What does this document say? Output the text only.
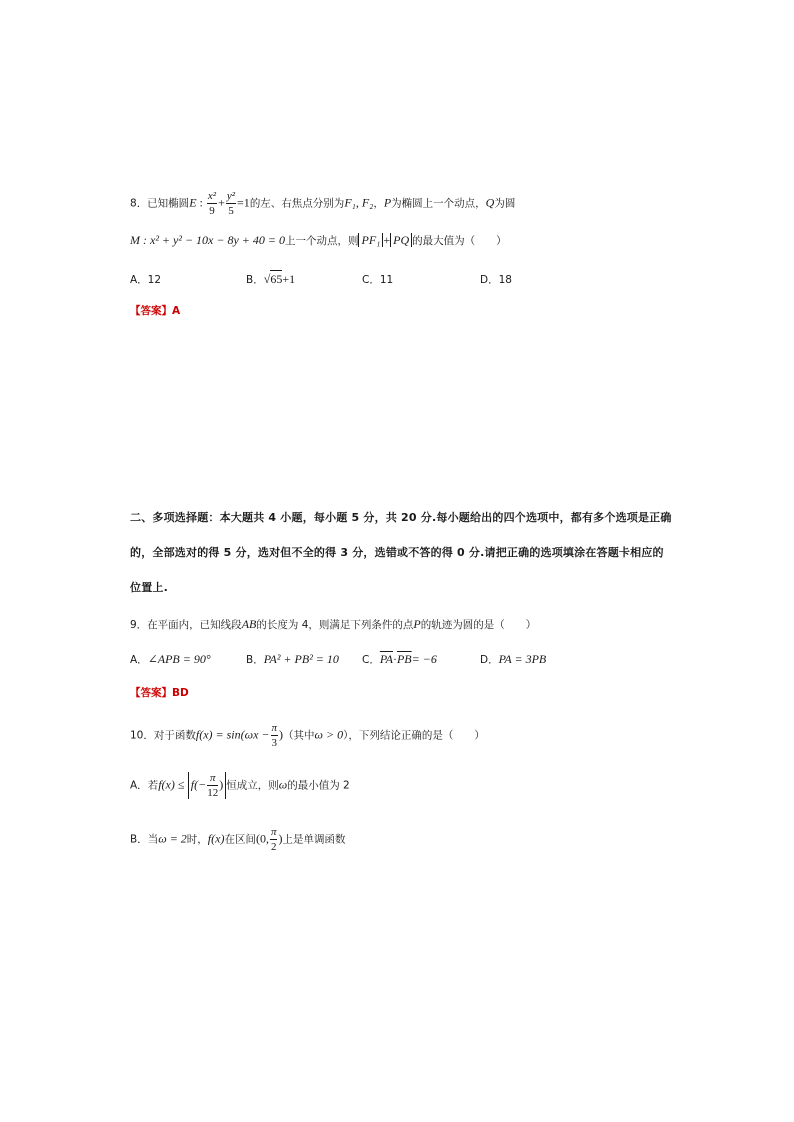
8．已知椭圆E : $\frac{\text{x²}}{9} + \frac{\text{y²}}{5} =1$的左、右焦点分别为F₁, F₂，P为椭圆上一个动点，Q为圆
M : x² + y² − 10x − 8y + 40 = 0上一个动点，则 PF₁ + PQ 的最大值为（　　）
A．12	B．√65+1	C．11	D．18
【答案】A
二、多项选择题：本大题共 4 小题，每小题 5 分，共 20 分.每小题给出的四个选项中，都有多个选项是正确
的，全部选对的得 5 分，选对但不全的得 3 分，选错或不答的得 0 分.请把正确的选项填涂在答题卡相应的
位置上.
9．在平面内，已知线段AB的长度为 4，则满足下列条件的点P的轨迹为圆的是（　　）
A．∠APB = 90°	B．PA² + PB² = 10 C．$\overline{PA}\cdot\overline{PB}= -6$	D．PA = 3PB
【答案】BD
10．对于函数$f(x) = \sin(\omega x - \frac{\pi}{3}$ )（其中ω > 0），下列结论正确的是（　　）
A．若$f(x) \le f(- \frac{\pi}{12}$ ) 恒成立，则ω的最小值为 2
B．当ω = 2时，f(x)在区间(0, $\frac{\pi}{2}$ )上是单调函数
